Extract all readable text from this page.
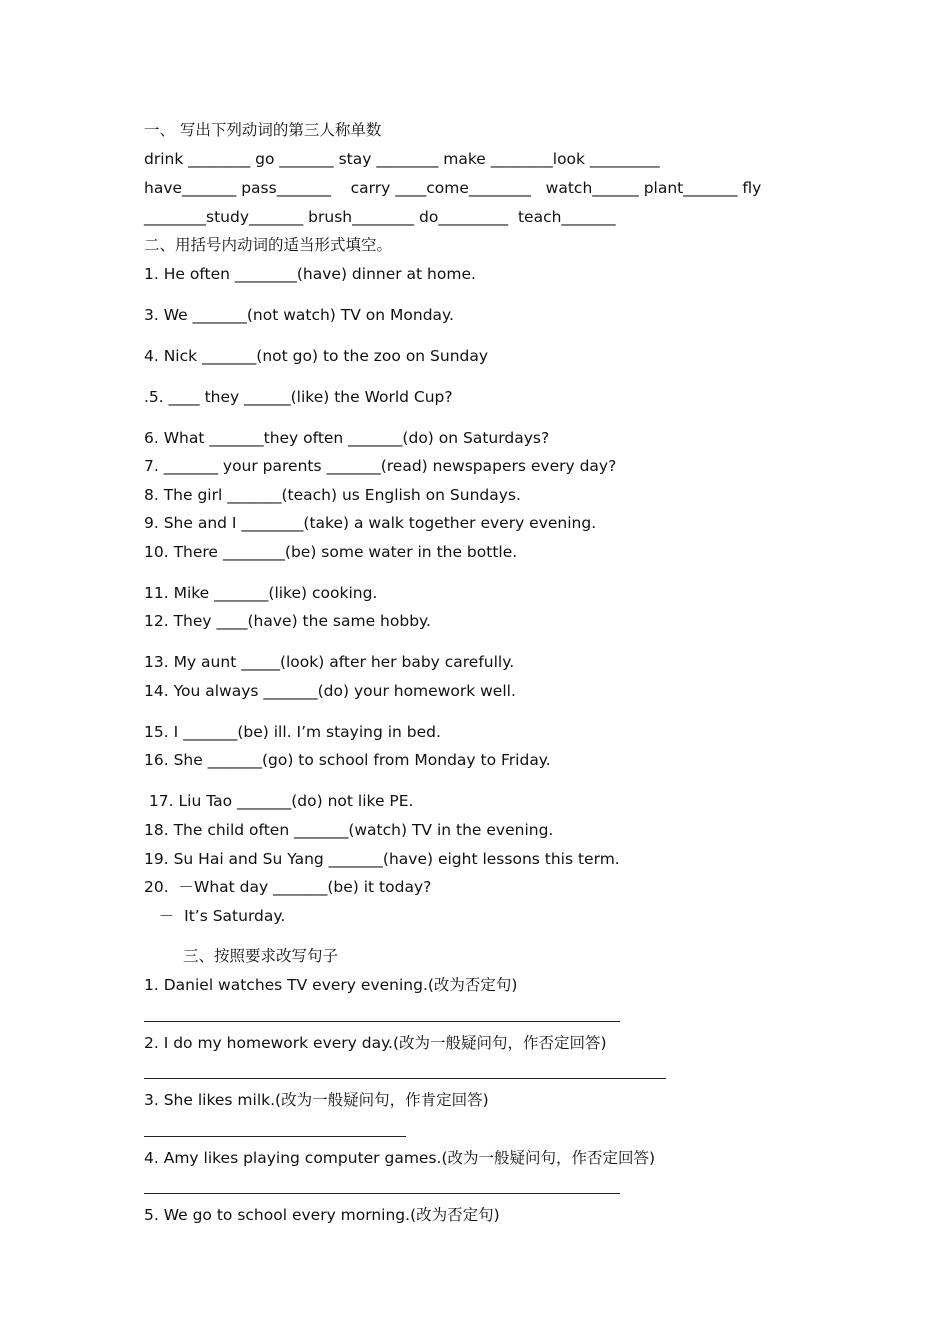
一、 写出下列动词的第三人称单数
drink ________ go _______ stay ________ make ________look _________
have_______ pass_______    carry ____come________   watch______ plant_______ fly
________study_______ brush________ do_________  teach_______
二、用括号内动词的适当形式填空。
1. He often ________(have) dinner at home.
3. We _______(not watch) TV on Monday.
4. Nick _______(not go) to the zoo on Sunday
.5. ____ they ______(like) the World Cup?
6. What _______they often _______(do) on Saturdays?
7. _______ your parents _______(read) newspapers every day?
8. The girl _______(teach) us English on Sundays.
9. She and I ________(take) a walk together every evening.
10. There ________(be) some water in the bottle.
11. Mike _______(like) cooking.
12. They ____(have) the same hobby.
13. My aunt _____(look) after her baby carefully.
14. You always _______(do) your homework well.
15. I _______(be) ill. I’m staying in bed.
16. She _______(go) to school from Monday to Friday.
17. Liu Tao _______(do) not like PE.
18. The child often _______(watch) TV in the evening.
19. Su Hai and Su Yang _______(have) eight lessons this term.
20.  －What day _______(be) it today?
－  It’s Saturday.
三、按照要求改写句子
1. Daniel watches TV every evening.(改为否定句)
2. I do my homework every day.(改为一般疑问句，作否定回答)
3. She likes milk.(改为一般疑问句，作肯定回答)
4. Amy likes playing computer games.(改为一般疑问句，作否定回答)
5. We go to school every morning.(改为否定句)
